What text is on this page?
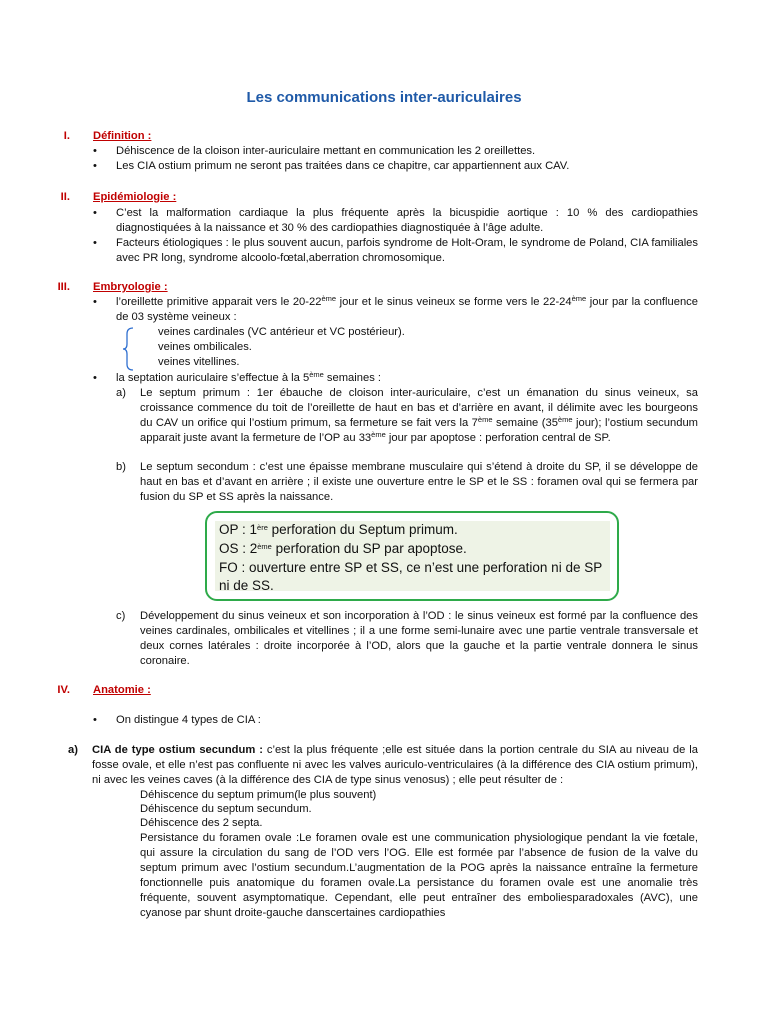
Les communications inter-auriculaires
I. Définition :
• Déhiscence de la cloison inter-auriculaire mettant en communication les 2 oreillettes.
• Les CIA ostium primum ne seront pas traitées dans ce chapitre, car appartiennent aux CAV.
II. Epidémiologie :
• C’est la malformation cardiaque la plus fréquente après la bicuspidie aortique : 10 % des cardiopathies diagnostiquées à la naissance et 30 % des cardiopathies diagnostiquée à l’âge adulte.
• Facteurs étiologiques : le plus souvent aucun, parfois syndrome de Holt-Oram, le syndrome de Poland, CIA familiales avec PR long, syndrome alcoolo-fœtal,aberration chromosomique.
III. Embryologie :
• l’oreillette primitive apparait vers le 20-22ème jour et le sinus veineux se forme vers le 22-24ème jour par la confluence de 03 système veineux :
veines cardinales (VC antérieur et VC postérieur).
veines ombilicales.
veines vitellines.
• la septation auriculaire s’effectue à la 5ème semaines :
a) Le septum primum : 1er ébauche de cloison inter-auriculaire, c’est un émanation du sinus veineux, sa croissance commence du toit de l’oreillette de haut en bas et d’arrière en avant, il délimite avec les bourgeons du CAV un orifice qui l’ostium primum, sa fermeture se fait vers la 7ème semaine (35ème jour); l’ostium secundum apparait juste avant la fermeture de l’OP au 33ème jour par apoptose : perforation central de SP.
b) Le septum secondum : c’est une épaisse membrane musculaire qui s’étend à droite du SP, il se développe de haut en bas et d’avant en arrière ; il existe une ouverture entre le SP et le SS : foramen oval qui se fermera par fusion du SP et SS après la naissance.
OP : 1ère perforation du Septum primum.
OS : 2ème perforation du SP par apoptose.
FO : ouverture entre SP et SS, ce n’est une perforation ni de SP ni de SS.
c) Développement du sinus veineux et son incorporation à l’OD : le sinus veineux est formé par la confluence des veines cardinales, ombilicales et vitellines ; il a une forme semi-lunaire avec une partie ventrale transversale et deux cornes latérales : droite incorporée à l’OD, alors que la gauche et la partie ventrale donnera le sinus coronaire.
IV. Anatomie :
• On distingue 4 types de CIA :
a) CIA de type ostium secundum : c’est la plus fréquente ;elle est située dans la portion centrale du SIA au niveau de la fosse ovale, et elle n’est pas confluente ni avec les valves auriculo-ventriculaires (à la différence des CIA ostium primum), ni avec les veines caves (à la différence des CIA de type sinus venosus) ; elle peut résulter de :
Déhiscence du septum primum(le plus souvent)
Déhiscence du septum secundum.
Déhiscence des 2 septa.
Persistance du foramen ovale :Le foramen ovale est une communication physiologique pendant la vie fœtale, qui assure la circulation du sang de l’OD vers l’OG. Elle est formée par l’absence de fusion de la valve du septum primum avec l’ostium secundum.L’augmentation de la POG après la naissance entraîne la fermeture fonctionnelle puis anatomique du foramen ovale.La persistance du foramen ovale est une anomalie très fréquente, souvent asymptomatique. Cependant, elle peut entraîner des emboliesparadoxales (AVC), une cyanose par shunt droite-gauche danscertaines cardiopathies
